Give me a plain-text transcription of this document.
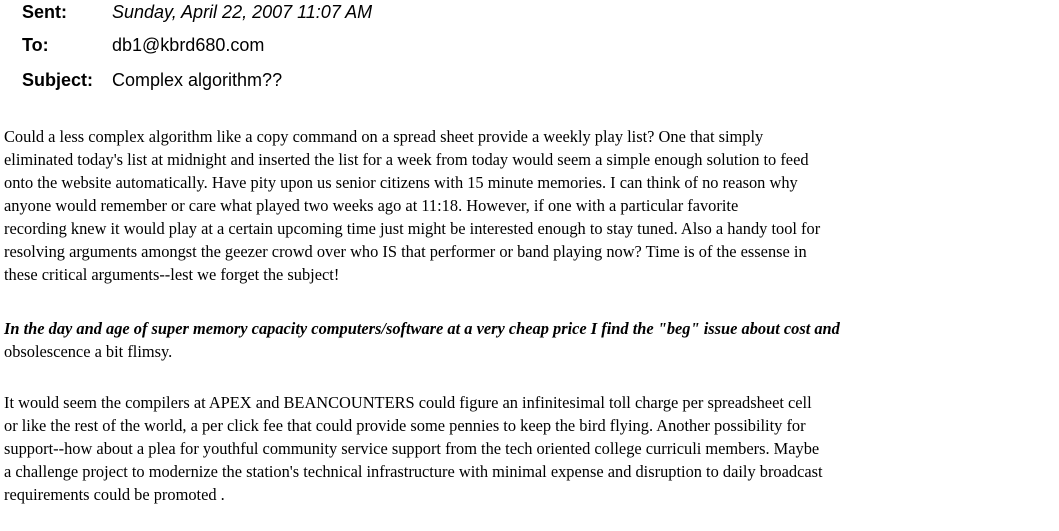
Sent:	Sunday, April 22, 2007 11:07 AM
To:	db1@kbrd680.com
Subject: Complex algorithm??
Could a less complex algorithm like a copy command on a spread sheet provide a weekly play list? One that simply
eliminated today's list at midnight and inserted the list for a week from today would seem a simple enough solution to feed
onto the website automatically. Have pity upon us senior citizens with 15 minute memories. I can think of no reason why
anyone would remember or care what played two weeks ago at 11:18. However, if one with a particular favorite
recording knew it would play at a certain upcoming time just might be interested enough to stay tuned. Also a handy tool for
resolving arguments amongst the geezer crowd over who IS that performer or band playing now? Time is of the essense in
these critical arguments--lest we forget the subject!
In the day and age of super memory capacity computers/software at a very cheap price I find the "beg" issue about cost and
obsolescence a bit flimsy.
It would seem the compilers at APEX and BEANCOUNTERS could figure an infinitesimal toll charge per spreadsheet cell
or like the rest of the world, a per click fee that could provide some pennies to keep the bird flying. Another possibility for
support--how about a plea for youthful community service support from the tech oriented college curriculi members. Maybe
a challenge project to modernize the station's technical infrastructure with minimal expense and disruption to daily broadcast
requirements could be promoted .
